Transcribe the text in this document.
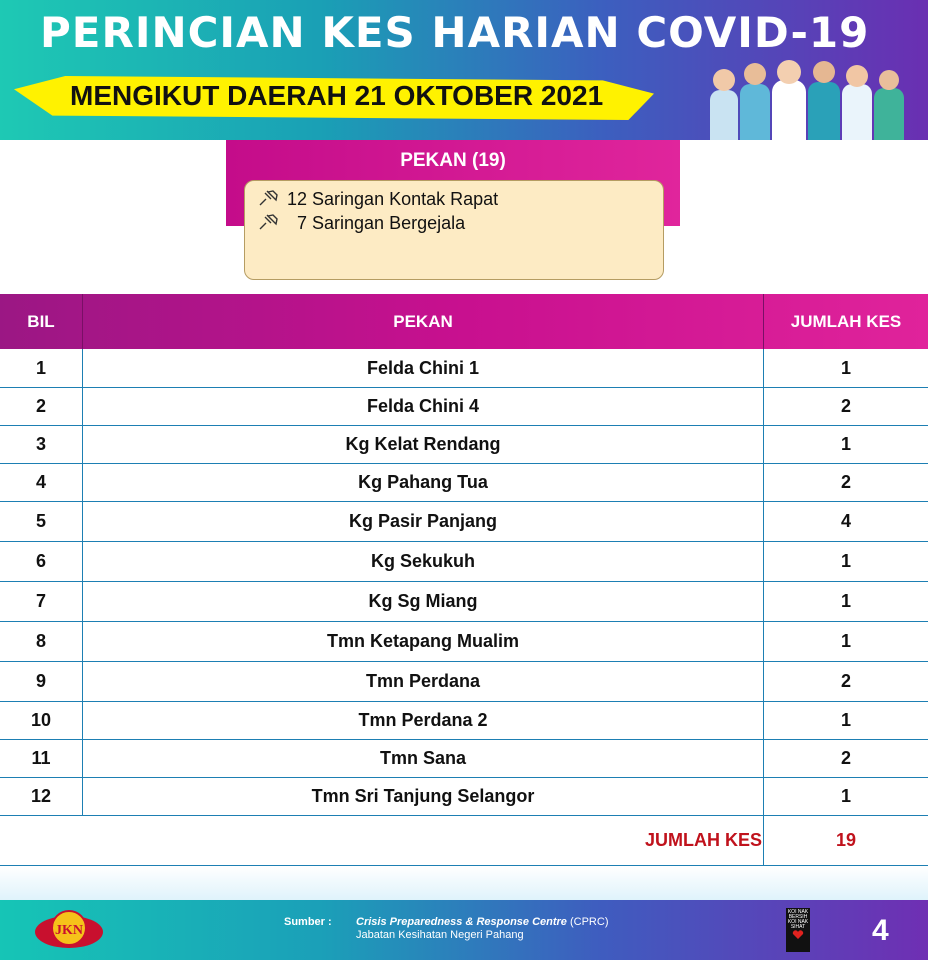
PERINCIAN KES HARIAN COVID-19
MENGIKUT DAERAH 21 OKTOBER 2021
PEKAN (19)
12 Saringan Kontak Rapat
7 Saringan Bergejala
BIL	PEKAN	JUMLAH KES
1	Felda Chini 1	1
2	Felda Chini 4	2
3	Kg Kelat Rendang	1
4	Kg Pahang Tua	2
5	Kg Pasir Panjang	4
6	Kg Sekukuh	1
7	Kg Sg Miang	1
8	Tmn Ketapang Mualim	1
9	Tmn Perdana	2
10	Tmn Perdana 2	1
11	Tmn Sana	2
12	Tmn Sri Tanjung Selangor	1
JUMLAH KES	19
JKN
Sumber : Crisis Preparedness & Response Centre (CPRC)
Jabatan Kesihatan Negeri Pahang
KOI NAK BERSIH KOI NAK SIHAT 4
